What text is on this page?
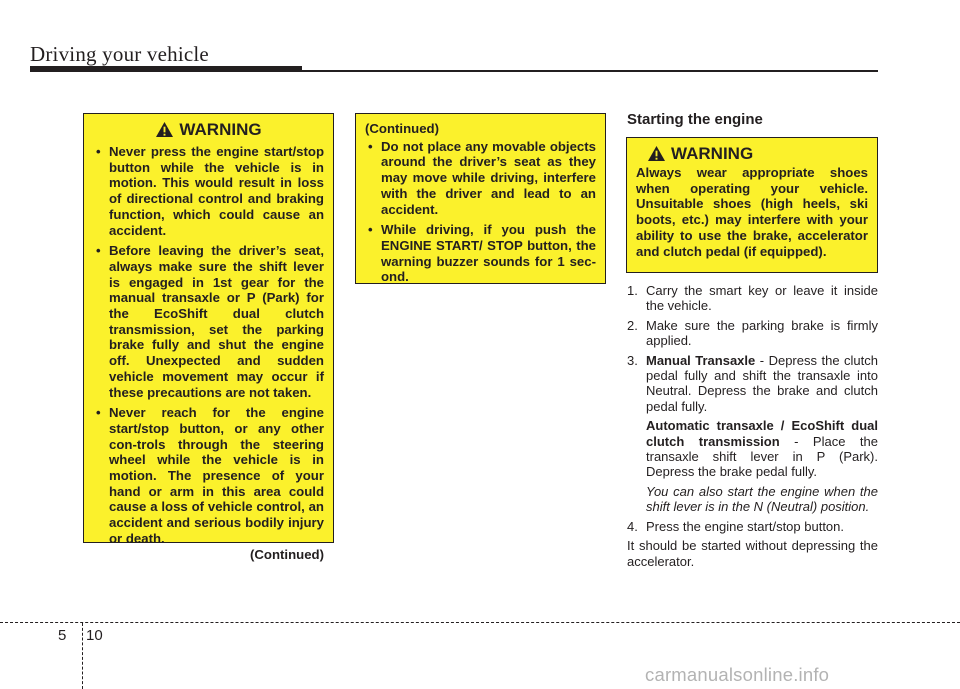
Driving your vehicle
WARNING
• Never press the engine start/stop button while the vehicle is in motion. This would result in loss of directional control and braking function, which could cause an accident.
• Before leaving the driver’s seat, always make sure the shift lever is engaged in 1st gear for the manual transaxle or P (Park) for the EcoShift dual clutch transmission, set the parking brake fully and shut the engine off. Unexpected and sudden vehicle movement may occur if these precautions are not taken.
• Never reach for the engine start/stop button, or any other con-trols through the steering wheel while the vehicle is in motion. The presence of your hand or arm in this area could cause a loss of vehicle control, an accident and serious bodily injury or death.
(Continued)
(Continued)
• Do not place any movable objects around the driver’s seat as they may move while driving, interfere with the driver and lead to an accident.
• While driving, if you push the ENGINE START/ STOP button, the warning buzzer sounds for 1 sec-ond.
Starting the engine
WARNING
Always wear appropriate shoes when operating your vehicle. Unsuitable shoes (high heels, ski boots, etc.) may interfere with your ability to use the brake, accelerator and clutch pedal (if equipped).
1. Carry the smart key or leave it inside the vehicle.
2. Make sure the parking brake is firmly applied.
3. Manual Transaxle - Depress the clutch pedal fully and shift the transaxle into Neutral. Depress the brake and clutch pedal fully.
Automatic transaxle / EcoShift dual clutch transmission - Place the transaxle shift lever in P (Park). Depress the brake pedal fully.
You can also start the engine when the shift lever is in the N (Neutral) position.
4. Press the engine start/stop button.
It should be started without depressing the accelerator.
5 10
carmanualsonline.info
